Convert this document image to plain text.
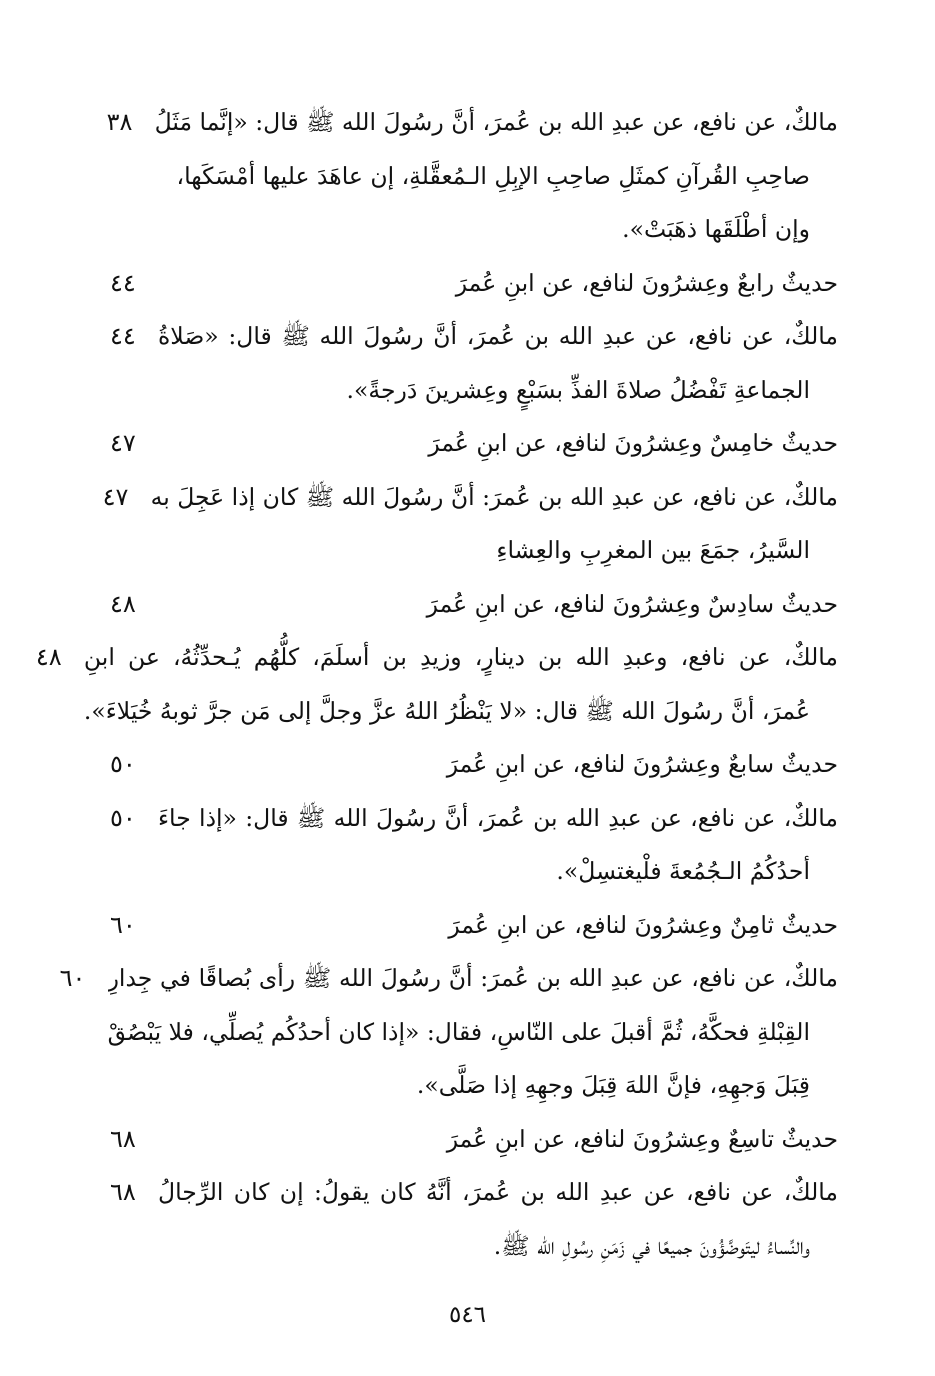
مالكٌ، عن نافع، عن عبدِ الله بن عُمرَ، أنَّ رسُولَ الله ﷺ قال: «إنَّما مَثَلُ
صاحِبِ القُرآنِ كمثَلِ صاحِبِ الإبِلِ الـمُعقَّلةِ، إن عاهَدَ عليها أمْسَكَها،
وإن أطْلَقَها ذهَبَتْ».
٣٨
حديثٌ رابعٌ وعِشرُونَ لنافع، عن ابنِ عُمرَ
٤٤
مالكٌ، عن نافع، عن عبدِ الله بن عُمرَ، أنَّ رسُولَ الله ﷺ قال: «صَلاةُ
الجماعةِ تَفْضُلُ صلاةَ الفذِّ بسَبْعٍ وعِشرينَ دَرجةً».
٤٤
حديثٌ خامِسٌ وعِشرُونَ لنافع، عن ابنِ عُمرَ
٤٧
مالكٌ، عن نافع، عن عبدِ الله بن عُمرَ: أنَّ رسُولَ الله ﷺ كان إذا عَجِلَ به
السَّيرُ، جمَعَ بين المغرِبِ والعِشاءِ
٤٧
حديثٌ سادِسٌ وعِشرُونَ لنافع، عن ابنِ عُمرَ
٤٨
مالكٌ، عن نافع، وعبدِ الله بن دينارٍ، وزيدِ بن أسلَمَ، كلُّهُم يُـحدِّثُهُ، عن ابنِ
عُمرَ، أنَّ رسُولَ الله ﷺ قال: «لا يَنْظُرُ اللهُ عزَّ وجلَّ إلى مَن جرَّ ثوبهُ خُيَلاءَ».
٤٨
حديثٌ سابعٌ وعِشرُونَ لنافع، عن ابنِ عُمرَ
٥٠
مالكٌ، عن نافع، عن عبدِ الله بن عُمرَ، أنَّ رسُولَ الله ﷺ قال: «إذا جاءَ
أحدُكُمُ الـجُمُعةَ فلْيغتسِلْ».
٥٠
حديثٌ ثامِنٌ وعِشرُونَ لنافع، عن ابنِ عُمرَ
٦٠
مالكٌ، عن نافع، عن عبدِ الله بن عُمرَ: أنَّ رسُولَ الله ﷺ رأى بُصاقًا في جِدارِ
القِبْلةِ فحكَّهُ، ثُمَّ أقبلَ على النّاسِ، فقال: «إذا كان أحدُكُم يُصلِّي، فلا يَبْصُقْ
قِبَلَ وَجهِهِ، فإنَّ اللهَ قِبَلَ وجهِهِ إذا صَلَّى».
٦٠
حديثٌ تاسِعٌ وعِشرُونَ لنافع، عن ابنِ عُمرَ
٦٨
مالكٌ، عن نافع، عن عبدِ الله بن عُمرَ، أنَّهُ كان يقولُ: إن كان الرِّجالُ
والنِّساءُ ليتَوضَّؤُونَ جميعًا في زَمَنِ رسُولِ الله ﷺ.
٦٨
٥٤٦
